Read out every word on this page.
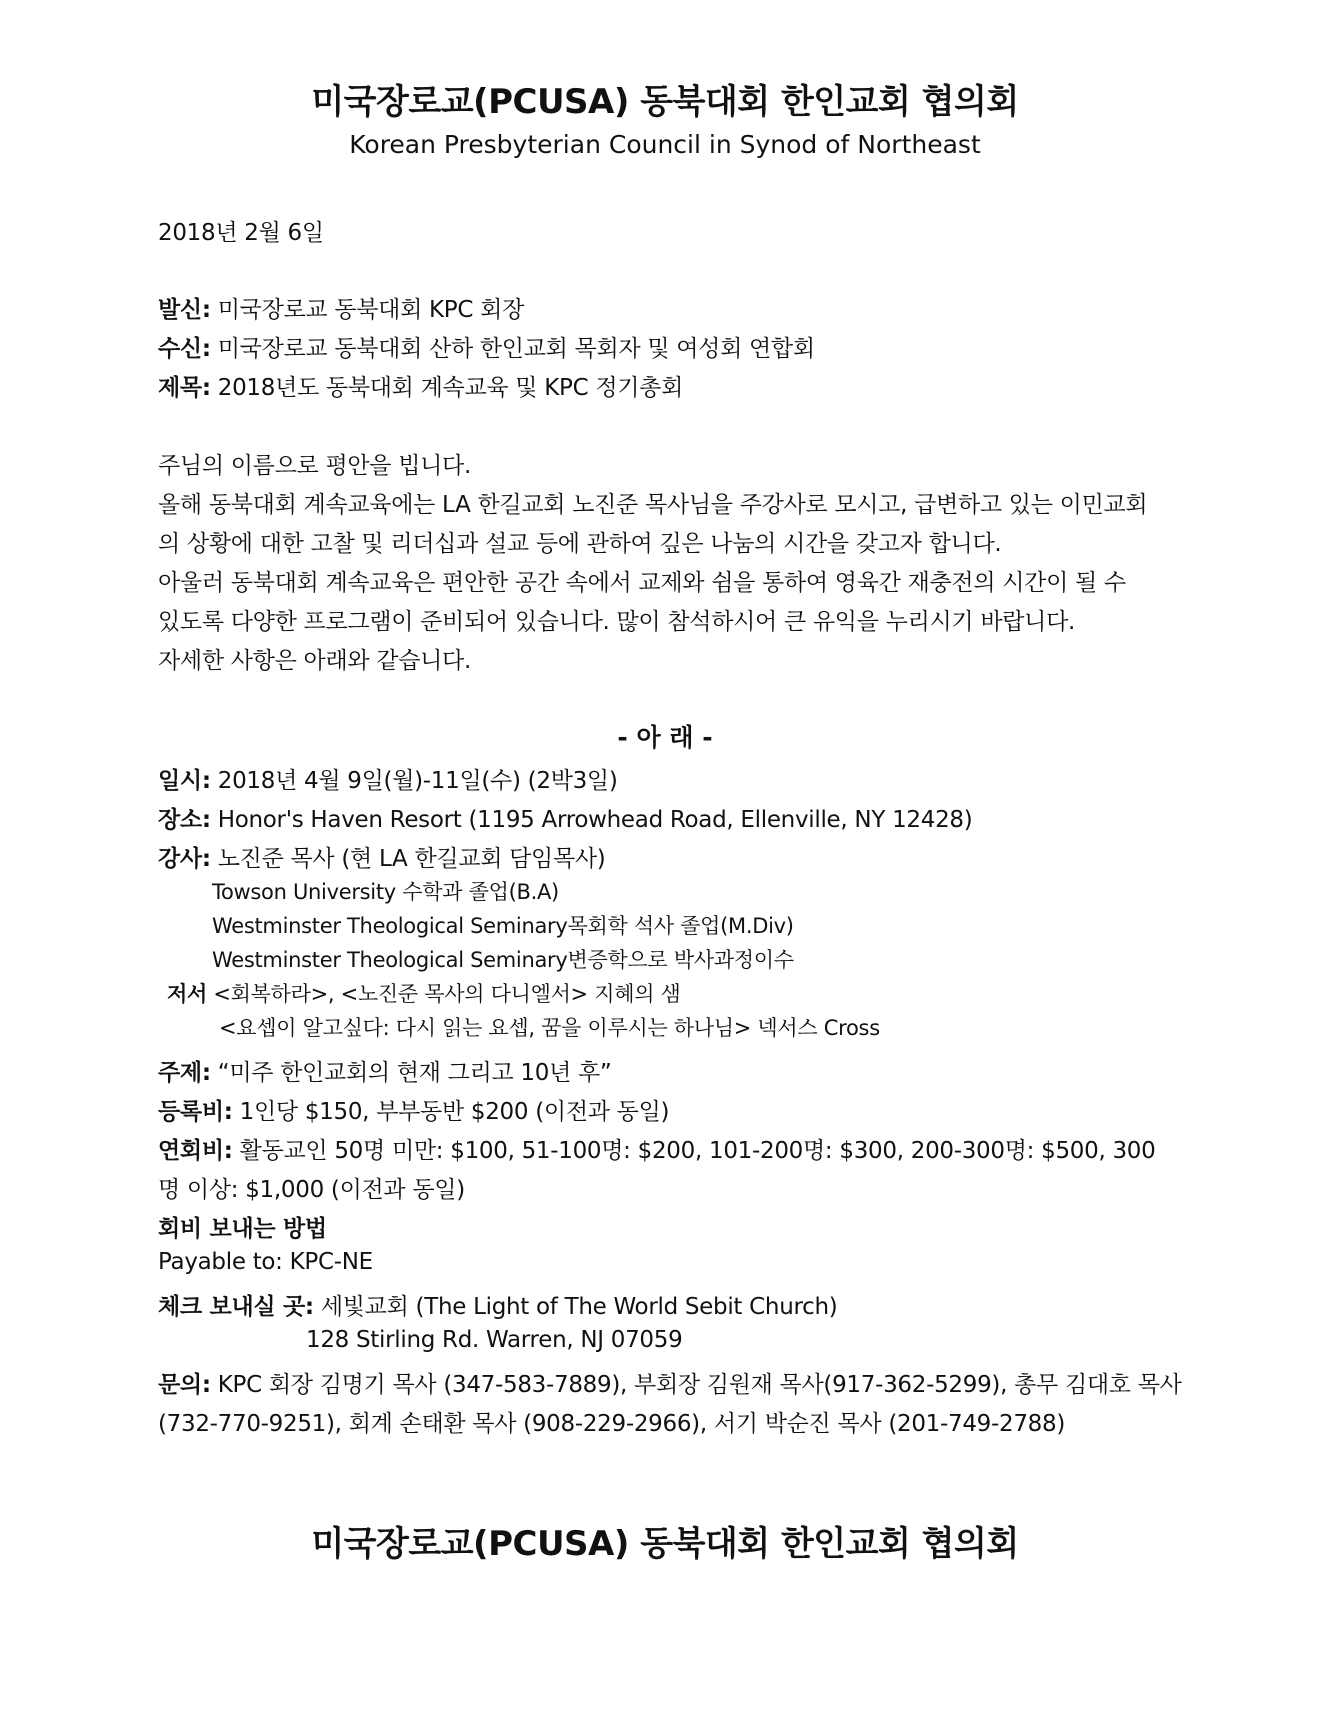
미국장로교(PCUSA) 동북대회 한인교회 협의회
Korean Presbyterian Council in Synod of Northeast
2018년 2월 6일
발신: 미국장로교 동북대회 KPC 회장
수신: 미국장로교 동북대회 산하 한인교회 목회자 및 여성회 연합회
제목: 2018년도 동북대회 계속교육 및 KPC 정기총회
주님의 이름으로 평안을 빕니다.
올해 동북대회 계속교육에는 LA 한길교회 노진준 목사님을 주강사로 모시고, 급변하고 있는 이민교회
의 상황에 대한 고찰 및 리더십과 설교 등에 관하여 깊은 나눔의 시간을 갖고자 합니다.
아울러 동북대회 계속교육은 편안한 공간 속에서 교제와 쉼을 통하여 영육간 재충전의 시간이 될 수
있도록 다양한 프로그램이 준비되어 있습니다. 많이 참석하시어 큰 유익을 누리시기 바랍니다.
자세한 사항은 아래와 같습니다.
- 아 래 -
일시: 2018년 4월 9일(월)-11일(수) (2박3일)
장소: Honor's Haven Resort (1195 Arrowhead Road, Ellenville, NY 12428)
강사: 노진준 목사 (현 LA 한길교회 담임목사)
Towson University 수학과 졸업(B.A)
Westminster Theological Seminary목회학 석사 졸업(M.Div)
Westminster Theological Seminary변증학으로 박사과정이수
저서 <회복하라>, <노진준 목사의 다니엘서> 지혜의 샘
<요셉이 알고싶다: 다시 읽는 요셉, 꿈을 이루시는 하나님> 넥서스 Cross
주제: “미주 한인교회의 현재 그리고 10년 후”
등록비: 1인당 $150, 부부동반 $200 (이전과 동일)
연회비: 활동교인 50명 미만: $100, 51-100명: $200, 101-200명: $300, 200-300명: $500, 300
명 이상: $1,000 (이전과 동일)
회비 보내는 방법
Payable to: KPC-NE
체크 보내실 곳: 세빛교회 (The Light of The World Sebit Church)
128 Stirling Rd. Warren, NJ 07059
문의: KPC 회장 김명기 목사 (347-583-7889), 부회장 김원재 목사(917-362-5299), 총무 김대호 목사
(732-770-9251), 회계 손태환 목사 (908-229-2966), 서기 박순진 목사 (201-749-2788)
미국장로교(PCUSA) 동북대회 한인교회 협의회
